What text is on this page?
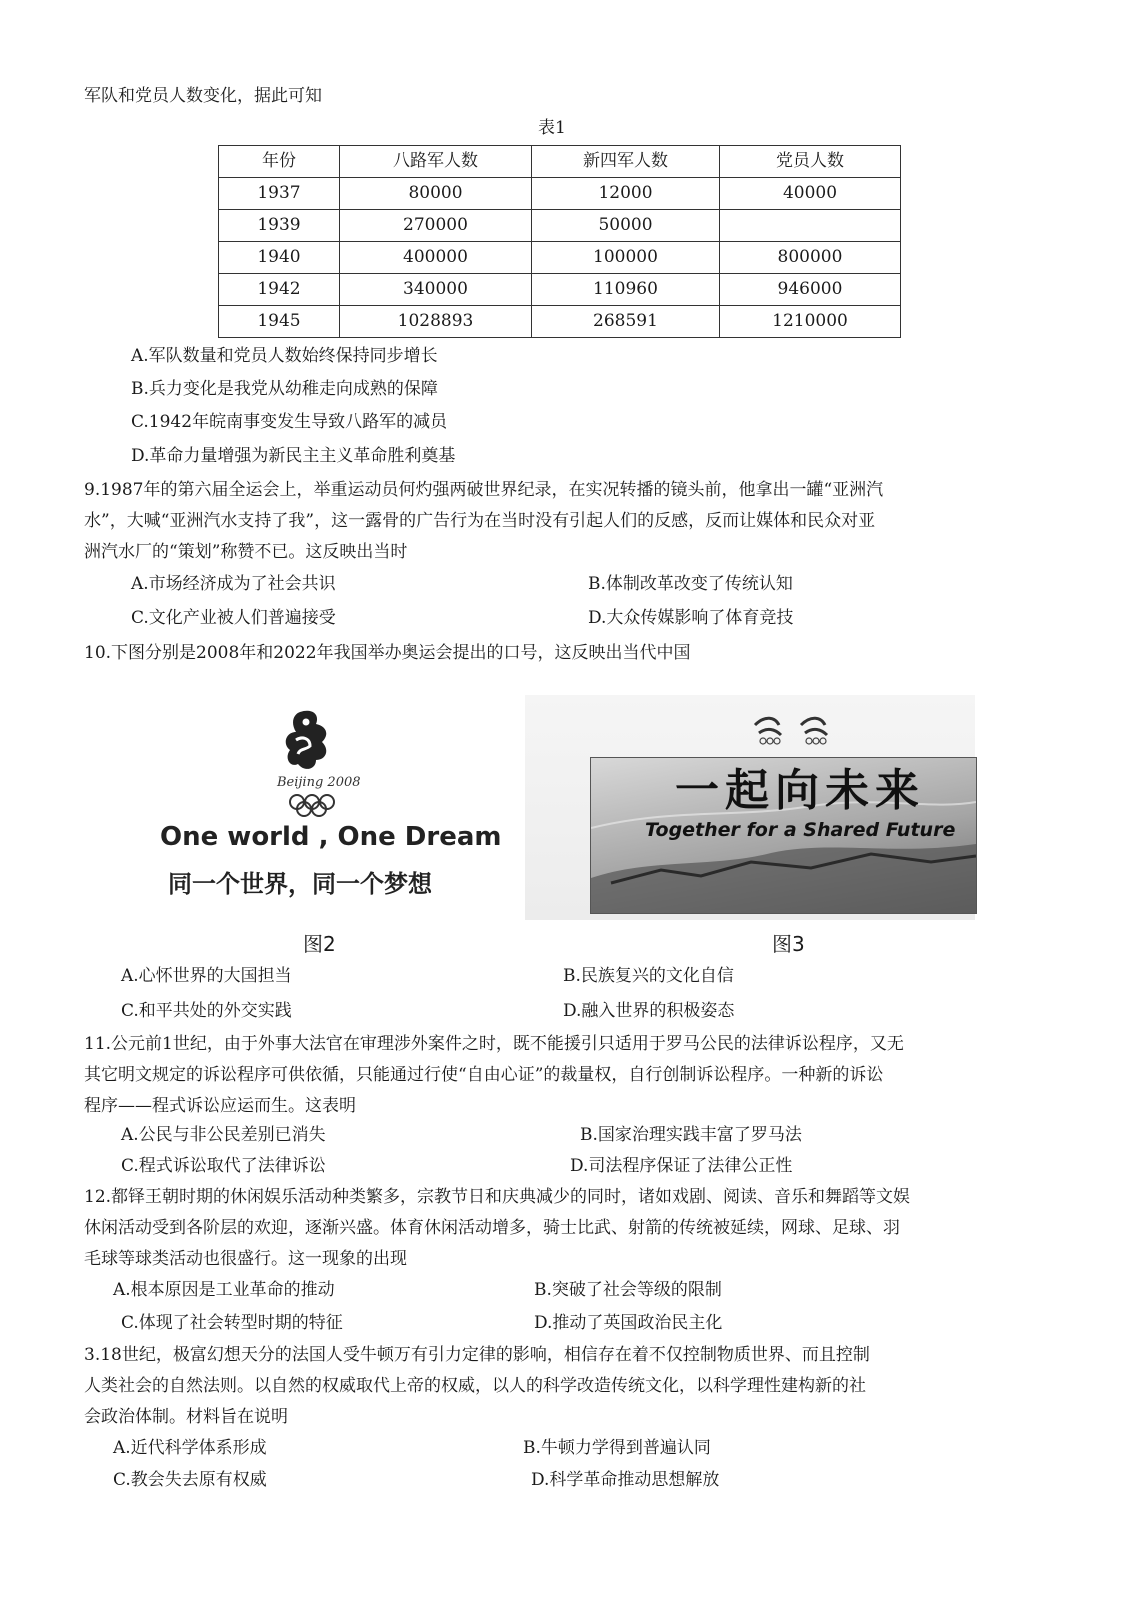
军队和党员人数变化，据此可知
表1
年份	八路军人数	新四军人数	党员人数
1937	80000	12000	40000
1939	270000	50000	
1940	400000	100000	800000
1942	340000	110960	946000
1945	1028893	268591	1210000
A.军队数量和党员人数始终保持同步增长
B.兵力变化是我党从幼稚走向成熟的保障
C.1942年皖南事变发生导致八路军的减员
D.革命力量增强为新民主主义革命胜利奠基
9.1987年的第六届全运会上，举重运动员何灼强两破世界纪录，在实况转播的镜头前，他拿出一罐“亚洲汽
水”，大喊“亚洲汽水支持了我”，这一露骨的广告行为在当时没有引起人们的反感，反而让媒体和民众对亚
洲汽水厂的“策划”称赞不已。这反映出当时
A.市场经济成为了社会共识	B.体制改革改变了传统认知
C.文化产业被人们普遍接受	D.大众传媒影响了体育竞技
10.下图分别是2008年和2022年我国举办奥运会提出的口号，这反映出当代中国
Beijing 2008
One world , One Dream
同一个世界，同一个梦想
图2
一起向未来
Together for a Shared Future
图3
A.心怀世界的大国担当	B.民族复兴的文化自信
C.和平共处的外交实践	D.融入世界的积极姿态
11.公元前1世纪，由于外事大法官在审理涉外案件之时，既不能援引只适用于罗马公民的法律诉讼程序，又无
其它明文规定的诉讼程序可供依循，只能通过行使“自由心证”的裁量权，自行创制诉讼程序。一种新的诉讼
程序——程式诉讼应运而生。这表明
A.公民与非公民差别已消失	B.国家治理实践丰富了罗马法
C.程式诉讼取代了法律诉讼	D.司法程序保证了法律公正性
12.都铎王朝时期的休闲娱乐活动种类繁多，宗教节日和庆典减少的同时，诸如戏剧、阅读、音乐和舞蹈等文娱
休闲活动受到各阶层的欢迎，逐渐兴盛。体育休闲活动增多，骑士比武、射箭的传统被延续，网球、足球、羽
毛球等球类活动也很盛行。这一现象的出现
A.根本原因是工业革命的推动	B.突破了社会等级的限制
C.体现了社会转型时期的特征	D.推动了英国政治民主化
3.18世纪，极富幻想天分的法国人受牛顿万有引力定律的影响，相信存在着不仅控制物质世界、而且控制
人类社会的自然法则。以自然的权威取代上帝的权威，以人的科学改造传统文化，以科学理性建构新的社
会政治体制。材料旨在说明
A.近代科学体系形成	B.牛顿力学得到普遍认同
C.教会失去原有权威	D.科学革命推动思想解放
